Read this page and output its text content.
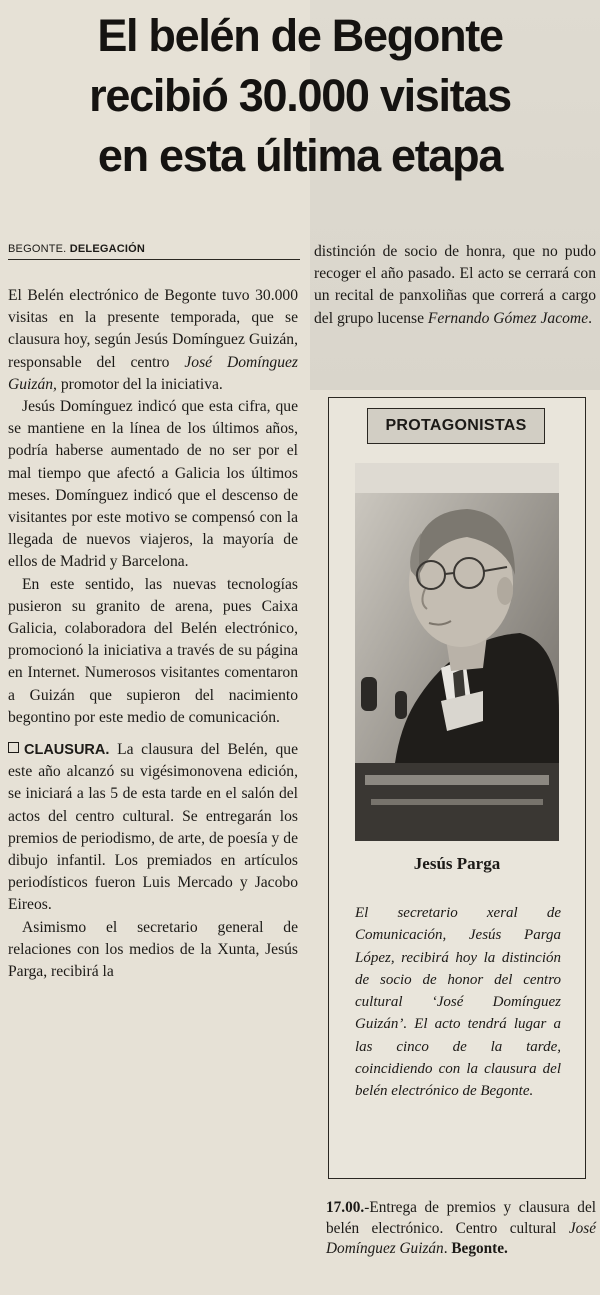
El belén de Begonte
recibió 30.000 visitas
en esta última etapa
BEGONTE. DELEGACIÓN

El Belén electrónico de Begonte tuvo 30.000 visitas en la presente temporada, que se clausura hoy, según Jesús Domínguez Guizán, responsable del centro José Domínguez Guizán, promotor del la iniciativa.

Jesús Domínguez indicó que esta cifra, que se mantiene en la línea de los últimos años, podría haberse aumentado de no ser por el mal tiempo que afectó a Galicia los últimos meses. Domínguez indicó que el descenso de visitantes por este motivo se compensó con la llegada de nuevos viajeros, la mayoría de ellos de Madrid y Barcelona.

En este sentido, las nuevas tecnologías pusieron su granito de arena, pues Caixa Galicia, colaboradora del Belén electrónico, promocionó la iniciativa a través de su página en Internet. Numerosos visitantes comentaron a Guizán que supieron del nacimiento begontino por este medio de comunicación.

CLAUSURA. La clausura del Belén, que este año alcanzó su vigésimonovena edición, se iniciará a las 5 de esta tarde en el salón del actos del centro cultural. Se entregarán los premios de periodismo, de arte, de poesía y de dibujo infantil. Los premiados en artículos periodísticos fueron Luis Mercado y Jacobo Eireos.

Asimismo el secretario general de relaciones con los medios de la Xunta, Jesús Parga, recibirá la

distinción de socio de honra, que no pudo recoger el año pasado. El acto se cerrará con un recital de panxoliñas que correrá a cargo del grupo lucense Fernando Gómez Jacome.

PROTAGONISTAS
Jesús Parga
El secretario xeral de Comunicación, Jesús Parga López, recibirá hoy la distinción de socio de honor del centro cultural ‘José Domínguez Guizán’. El acto tendrá lugar a las cinco de la tarde, coincidiendo con la clausura del belén electrónico de Begonte.
17.00.-Entrega de premios y clausura del belén electrónico. Centro cultural José Domínguez Guizán. Begonte.
